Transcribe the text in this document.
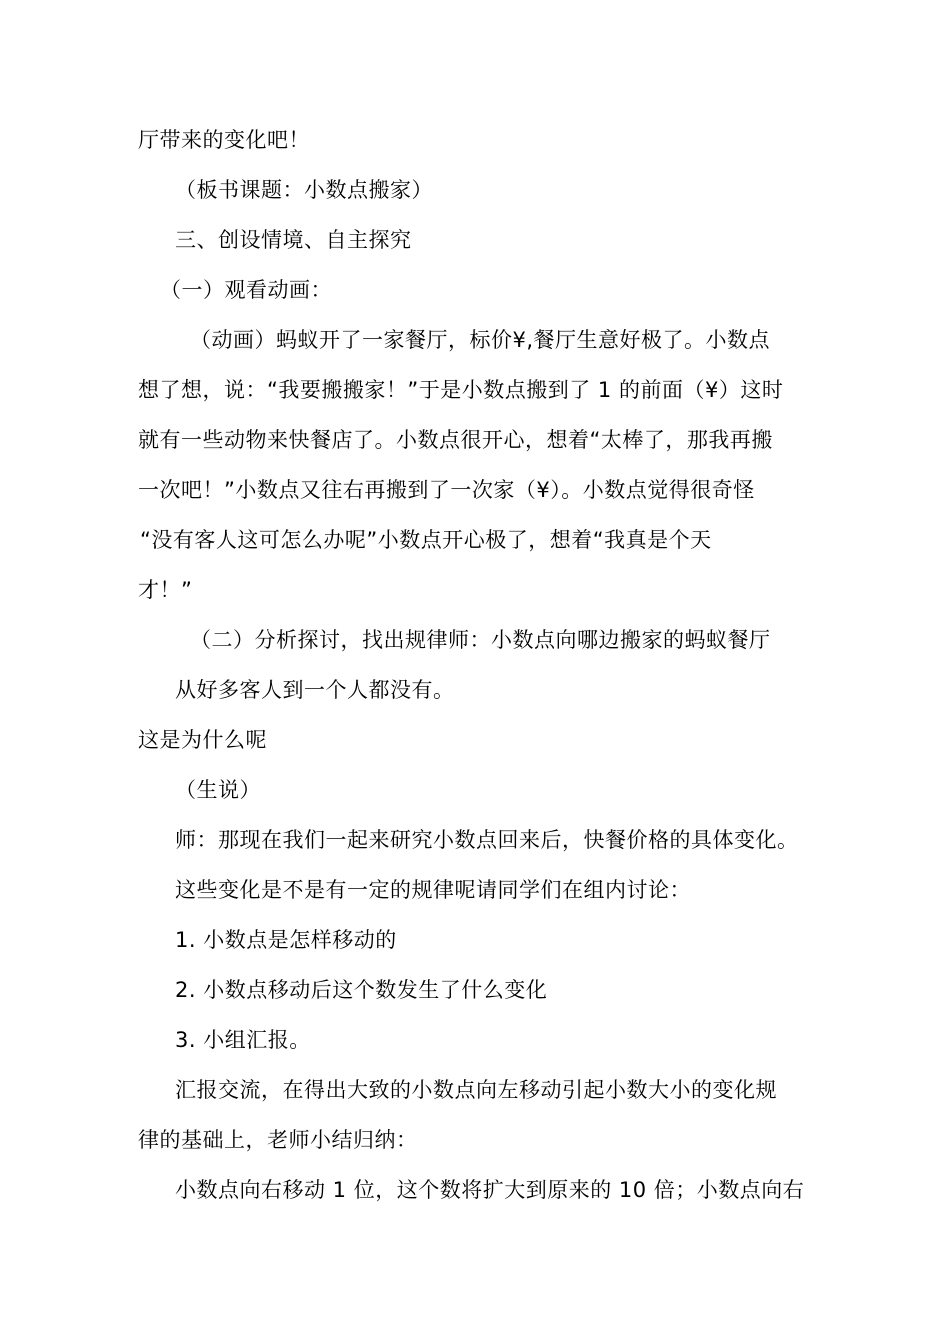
厅带来的变化吧！
（板书课题：小数点搬家）
三、创设情境、自主探究
（一）观看动画：
（动画）蚂蚁开了一家餐厅，标价¥,餐厅生意好极了。小数点
想了想，说：“我要搬搬家！”于是小数点搬到了 1 的前面（¥）这时
就有一些动物来快餐店了。小数点很开心，想着“太棒了，那我再搬
一次吧！”小数点又往右再搬到了一次家（¥）。小数点觉得很奇怪
“没有客人这可怎么办呢”小数点开心极了，想着“我真是个天
才！”
（二）分析探讨，找出规律师：小数点向哪边搬家的蚂蚁餐厅
从好多客人到一个人都没有。
这是为什么呢
（生说）
师：那现在我们一起来研究小数点回来后，快餐价格的具体变化。
这些变化是不是有一定的规律呢请同学们在组内讨论：
1. 小数点是怎样移动的
2. 小数点移动后这个数发生了什么变化
3. 小组汇报。
汇报交流，在得出大致的小数点向左移动引起小数大小的变化规
律的基础上，老师小结归纳：
小数点向右移动 1 位，这个数将扩大到原来的 10 倍；小数点向右
